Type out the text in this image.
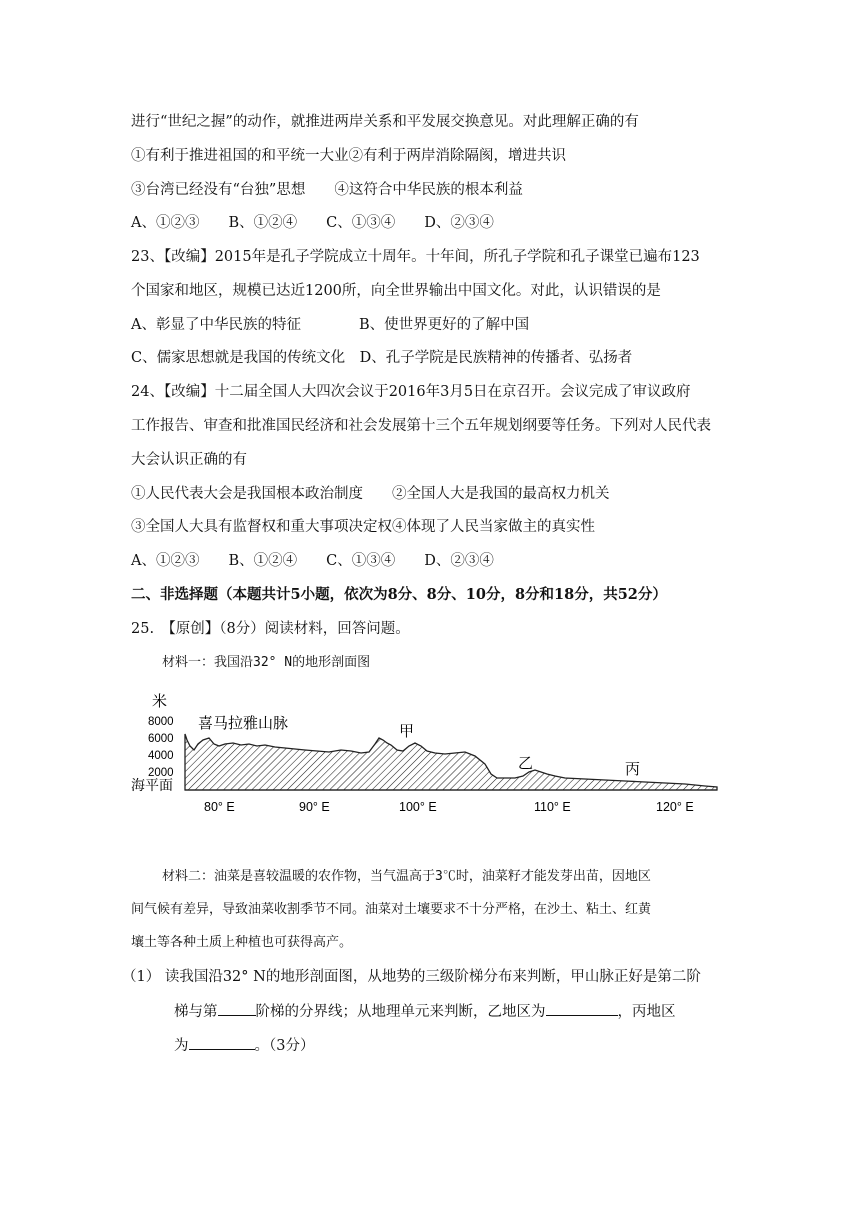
进行“世纪之握”的动作，就推进两岸关系和平发展交换意见。对此理解正确的有
①有利于推进祖国的和平统一大业②有利于两岸消除隔阂，增进共识
③台湾已经没有“台独”思想　　④这符合中华民族的根本利益
A、①②③　　B、①②④　　C、①③④　　D、②③④
23、【改编】2015年是孔子学院成立十周年。十年间，所孔子学院和孔子课堂已遍布123
个国家和地区，规模已达近1200所，向全世界输出中国文化。对此，认识错误的是
A、彰显了中华民族的特征　　　　B、使世界更好的了解中国
C、儒家思想就是我国的传统文化　D、孔子学院是民族精神的传播者、弘扬者
24、【改编】十二届全国人大四次会议于2016年3月5日在京召开。会议完成了审议政府
工作报告、审查和批准国民经济和社会发展第十三个五年规划纲要等任务。下列对人民代表
大会认识正确的有
①人民代表大会是我国根本政治制度　　②全国人大是我国的最高权力机关
③全国人大具有监督权和重大事项决定权④体现了人民当家做主的真实性
A、①②③　　B、①②④　　C、①③④　　D、②③④
二、非选择题（本题共计5小题，依次为8分、8分、10分，8分和18分，共52分）
25.　【原创】（8分）阅读材料，回答问题。
材料一：我国沿32° N的地形剖面图
米
8000
6000
4000
2000
海平面
喜马拉雅山脉	甲
乙	丙
80° E	90° E	100° E	110° E	120° E
材料二：油菜是喜较温暖的农作物，当气温高于3℃时，油菜籽才能发芽出苗，因地区
间气候有差异，导致油菜收割季节不同。油菜对土壤要求不十分严格，在沙土、粘土、红黄
壤土等各种土质上种植也可获得高产。
（1） 读我国沿32° N的地形剖面图，从地势的三级阶梯分布来判断，甲山脉正好是第二阶
梯与第	阶梯的分界线；从地理单元来判断，乙地区为	，丙地区
为	。（3分）
